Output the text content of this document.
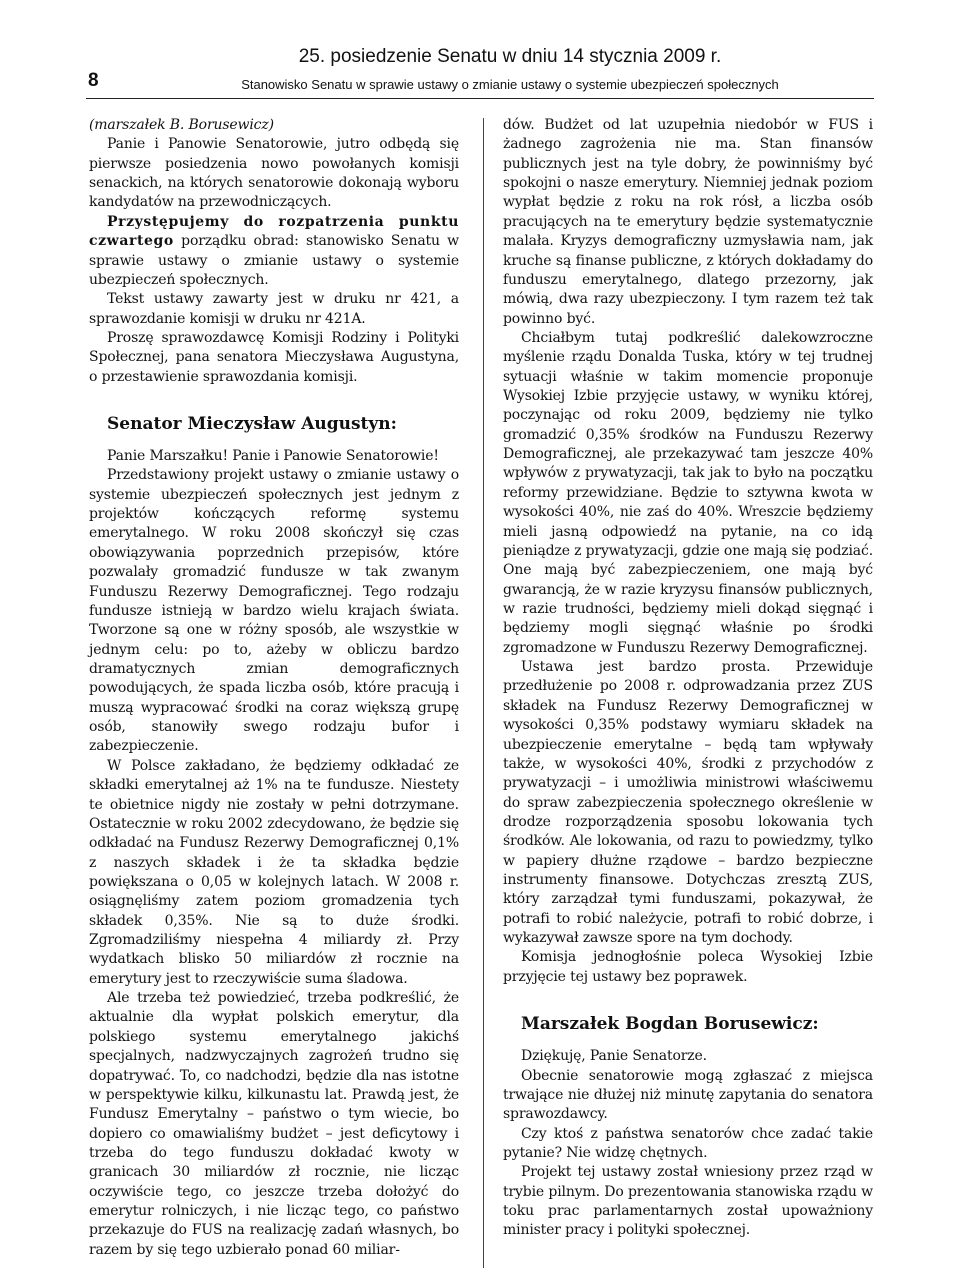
8
25. posiedzenie Senatu w dniu 14 stycznia 2009 r.
Stanowisko Senatu w sprawie ustawy o zmianie ustawy o systemie ubezpieczeń społecznych

(marszałek B. Borusewicz)

Panie i Panowie Senatorowie, jutro odbędą się pierwsze posiedzenia nowo powołanych komisji senackich, na których senatorowie dokonają wyboru kandydatów na przewodniczących.

Przystępujemy do rozpatrzenia punktu czwartego porządku obrad: stanowisko Senatu w sprawie ustawy o zmianie ustawy o systemie ubezpieczeń społecznych.

Tekst ustawy zawarty jest w druku nr 421, a sprawozdanie komisji w druku nr 421A.

Proszę sprawozdawcę Komisji Rodziny i Polityki Społecznej, pana senatora Mieczysława Augustyna, o przestawienie sprawozdania komisji.

Senator Mieczysław Augustyn:

Panie Marszałku! Panie i Panowie Senatorowie!

Przedstawiony projekt ustawy o zmianie ustawy o systemie ubezpieczeń społecznych jest jednym z projektów kończących reformę systemu emerytalnego. W roku 2008 skończył się czas obowiązywania poprzednich przepisów, które pozwalały gromadzić fundusze w tak zwanym Funduszu Rezerwy Demograficznej. Tego rodzaju fundusze istnieją w bardzo wielu krajach świata. Tworzone są one w różny sposób, ale wszystkie w jednym celu: po to, ażeby w obliczu bardzo dramatycznych zmian demograficznych powodujących, że spada liczba osób, które pracują i muszą wypracować środki na coraz większą grupę osób, stanowiły swego rodzaju bufor i zabezpieczenie.

W Polsce zakładano, że będziemy odkładać ze składki emerytalnej aż 1% na te fundusze. Niestety te obietnice nigdy nie zostały w pełni dotrzymane. Ostatecznie w roku 2002 zdecydowano, że będzie się odkładać na Fundusz Rezerwy Demograficznej 0,1% z naszych składek i że ta składka będzie powiększana o 0,05 w kolejnych latach. W 2008 r. osiągnęliśmy zatem poziom gromadzenia tych składek 0,35%. Nie są to duże środki. Zgromadziliśmy niespełna 4 miliardy zł. Przy wydatkach blisko 50 miliardów zł rocznie na emerytury jest to rzeczywiście suma śladowa.

Ale trzeba też powiedzieć, trzeba podkreślić, że aktualnie dla wypłat polskich emerytur, dla polskiego systemu emerytalnego jakichś specjalnych, nadzwyczajnych zagrożeń trudno się dopatrywać. To, co nadchodzi, będzie dla nas istotne w perspektywie kilku, kilkunastu lat. Prawdą jest, że Fundusz Emerytalny – państwo o tym wiecie, bo dopiero co omawialiśmy budżet – jest deficytowy i trzeba do tego funduszu dokładać kwoty w granicach 30 miliardów zł rocznie, nie licząc oczywiście tego, co jeszcze trzeba dołożyć do emerytur rolniczych, i nie licząc tego, co państwo przekazuje do FUS na realizację zadań własnych, bo razem by się tego uzbierało ponad 60 miliar-

dów. Budżet od lat uzupełnia niedobór w FUS i żadnego zagrożenia nie ma. Stan finansów publicznych jest na tyle dobry, że powinniśmy być spokojni o nasze emerytury. Niemniej jednak poziom wypłat będzie z roku na rok rósł, a liczba osób pracujących na te emerytury będzie systematycznie malała. Kryzys demograficzny uzmysławia nam, jak kruche są finanse publiczne, z których dokładamy do funduszu emerytalnego, dlatego przezorny, jak mówią, dwa razy ubezpieczony. I tym razem też tak powinno być.

Chciałbym tutaj podkreślić dalekowzroczne myślenie rządu Donalda Tuska, który w tej trudnej sytuacji właśnie w takim momencie proponuje Wysokiej Izbie przyjęcie ustawy, w wyniku której, poczynając od roku 2009, będziemy nie tylko gromadzić 0,35% środków na Funduszu Rezerwy Demograficznej, ale przekazywać tam jeszcze 40% wpływów z prywatyzacji, tak jak to było na początku reformy przewidziane. Będzie to sztywna kwota w wysokości 40%, nie zaś do 40%. Wreszcie będziemy mieli jasną odpowiedź na pytanie, na co idą pieniądze z prywatyzacji, gdzie one mają się podziać. One mają być zabezpieczeniem, one mają być gwarancją, że w razie kryzysu finansów publicznych, w razie trudności, będziemy mieli dokąd sięgnąć i będziemy mogli sięgnąć właśnie po środki zgromadzone w Funduszu Rezerwy Demograficznej.

Ustawa jest bardzo prosta. Przewiduje przedłużenie po 2008 r. odprowadzania przez ZUS składek na Fundusz Rezerwy Demograficznej w wysokości 0,35% podstawy wymiaru składek na ubezpieczenie emerytalne – będą tam wpływały także, w wysokości 40%, środki z przychodów z prywatyzacji – i umożliwia ministrowi właściwemu do spraw zabezpieczenia społecznego określenie w drodze rozporządzenia sposobu lokowania tych środków. Ale lokowania, od razu to powiedzmy, tylko w papiery dłużne rządowe – bardzo bezpieczne instrumenty finansowe. Dotychczas zresztą ZUS, który zarządzał tymi funduszami, pokazywał, że potrafi to robić należycie, potrafi to robić dobrze, i wykazywał zawsze spore na tym dochody.

Komisja jednogłośnie poleca Wysokiej Izbie przyjęcie tej ustawy bez poprawek.

Marszałek Bogdan Borusewicz:

Dziękuję, Panie Senatorze.

Obecnie senatorowie mogą zgłaszać z miejsca trwające nie dłużej niż minutę zapytania do senatora sprawozdawcy.

Czy ktoś z państwa senatorów chce zadać takie pytanie? Nie widzę chętnych.

Projekt tej ustawy został wniesiony przez rząd w trybie pilnym. Do prezentowania stanowiska rządu w toku prac parlamentarnych został upoważniony minister pracy i polityki społecznej.
